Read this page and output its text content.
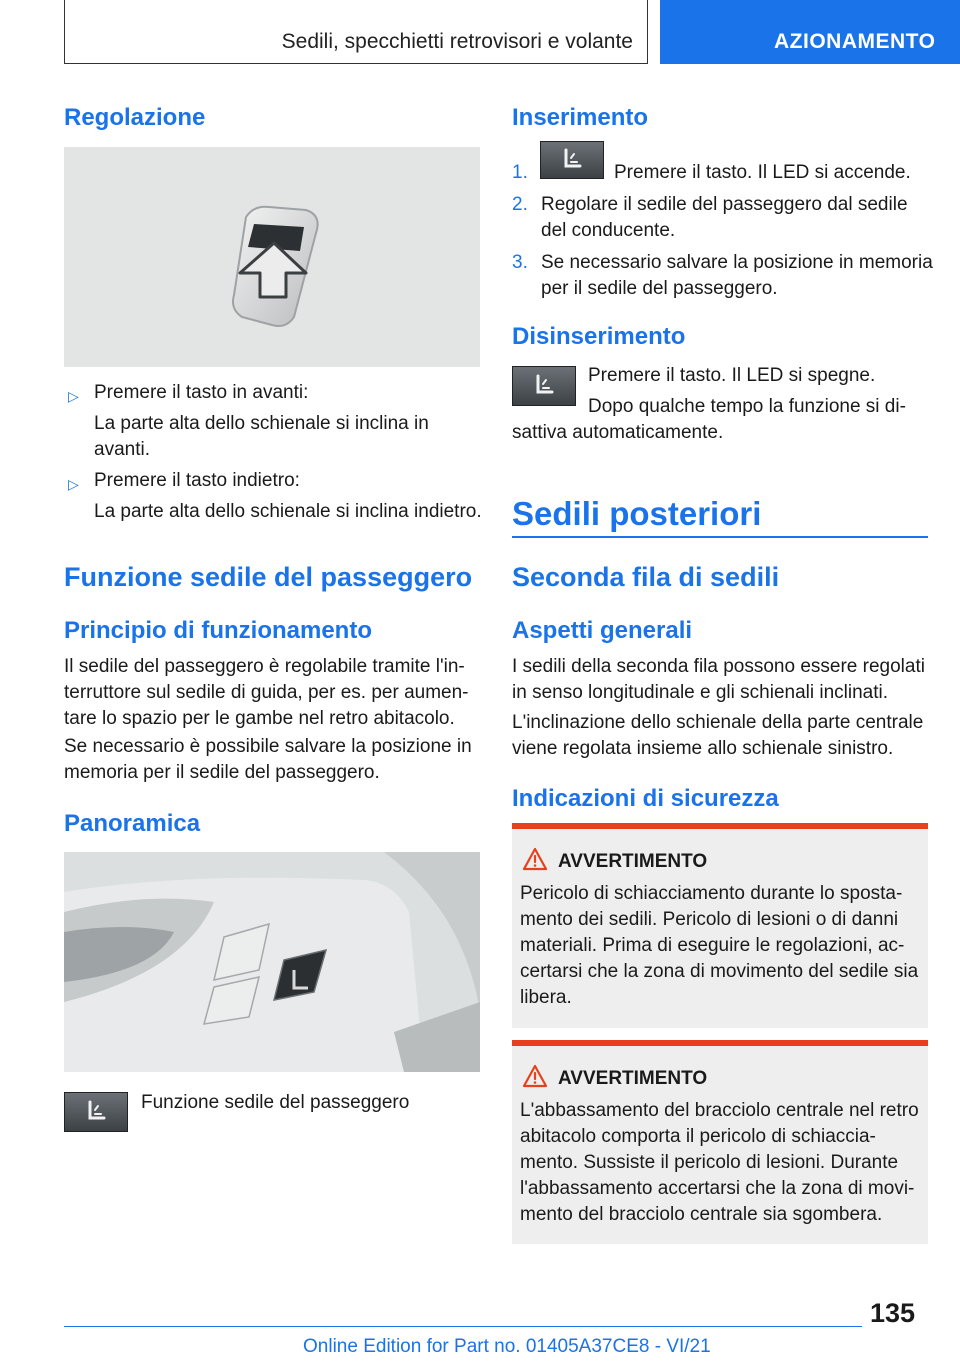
Sedili, specchietti retrovisori e volante	AZIONAMENTO
Regolazione
▷ Premere il tasto in avanti:
La parte alta dello schienale si inclina in avanti.
▷ Premere il tasto indietro:
La parte alta dello schienale si inclina indietro.
Funzione sedile del passeggero
Principio di funzionamento
Il sedile del passeggero è regolabile tramite l'in-terruttore sul sedile di guida, per es. per aumen-tare lo spazio per le gambe nel retro abitacolo.
Se necessario è possibile salvare la posizione in memoria per il sedile del passeggero.
Panoramica
Funzione sedile del passeggero
Inserimento
1.	Premere il tasto. Il LED si accende.
2. Regolare il sedile del passeggero dal sedile del conducente.
3. Se necessario salvare la posizione in memoria per il sedile del passeggero.
Disinserimento
Premere il tasto. Il LED si spegne.
Dopo qualche tempo la funzione si di-
sattiva automaticamente.
Sedili posteriori
Seconda fila di sedili
Aspetti generali
I sedili della seconda fila possono essere regolati in senso longitudinale e gli schienali inclinati.
L'inclinazione dello schienale della parte centrale viene regolata insieme allo schienale sinistro.
Indicazioni di sicurezza
AVVERTIMENTO
Pericolo di schiacciamento durante lo sposta-mento dei sedili. Pericolo di lesioni o di danni materiali. Prima di eseguire le regolazioni, ac-certarsi che la zona di movimento del sedile sia libera.
AVVERTIMENTO
L'abbassamento del bracciolo centrale nel retro abitacolo comporta il pericolo di schiaccia-mento. Sussiste il pericolo di lesioni. Durante l'abbassamento accertarsi che la zona di movi-mento del bracciolo centrale sia sgombera.
135
Online Edition for Part no. 01405A37CE8 - VI/21
